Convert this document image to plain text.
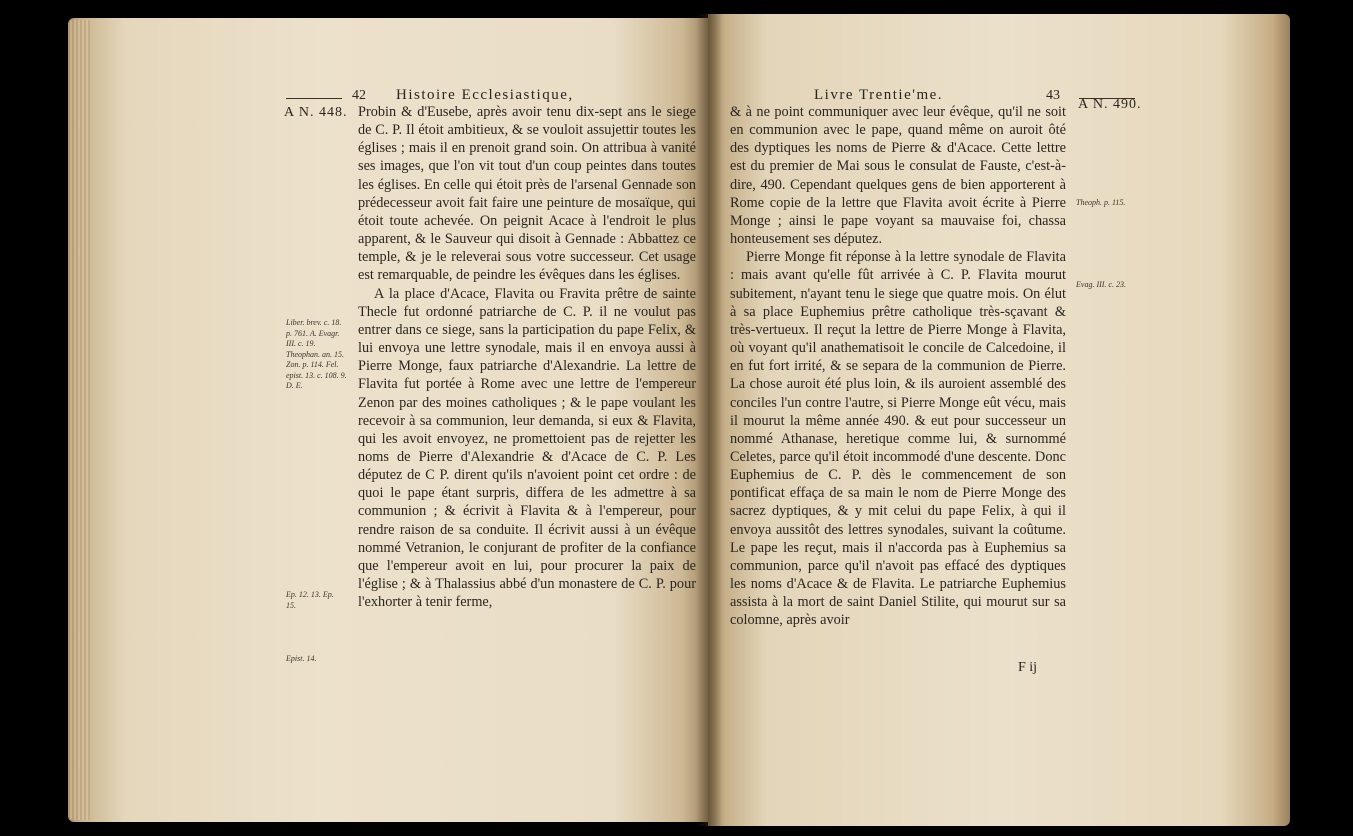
42 Histoire Ecclesiastique,
A N. 448. Probin & d'Eusebe, après avoir tenu dix-sept ans le siege de C. P. Il étoit ambitieux, & se vouloit assujettir toutes les églises ; mais il en prenoit grand soin. On attribua à vanité ses images, que l'on vit tout d'un coup peintes dans toutes les églises. En celle qui étoit près de l'arsenal Gennade son prédecesseur avoit fait faire une peinture de mosaïque, qui étoit toute achevée. On peignit Acace à l'endroit le plus apparent, & le Sauveur qui disoit à Gennade : Abbattez ce temple, & je le releverai sous votre successeur. Cet usage est remarquable, de peindre les évêques dans les églises.

A la place d'Acace, Flavita ou Fravita prêtre de sainte Thecle fut ordonné patriarche de C. P. il ne voulut pas entrer dans ce siege, sans la participation du pape Felix, & lui envoya une lettre synodale, mais il en envoya aussi à Pierre Monge, faux patriarche d'Alexandrie. La lettre de Flavita fut portée à Rome avec une lettre de l'empereur Zenon par des moines catholiques ; & le pape voulant les recevoir à sa communion, leur demanda, si eux & Flavita, qui les avoit envoyez, ne promettoient pas de rejetter les noms de Pierre d'Alexandrie & d'Acace de C. P. Les députez de C P. dirent qu'ils n'avoient point cet ordre : de quoi le pape étant surpris, differa de les admettre à sa communion ; & écrivit à Flavita & à l'empereur, pour rendre raison de sa conduite. Il écrivit aussi à un évêque nommé Vetranion, le conjurant de profiter de la confiance que l'empereur avoit en lui, pour procurer la paix de l'église ; & à Thalassius abbé d'un monastere de C. P. pour l'exhorter à tenir ferme,

Liber. brev. c. 18. p. 761. A. Evagr. III. c. 19. Theophan. an. 15. Zon. p. 114. Fel. epist. 13. c. 108. 9. D. E.
Ep. 12. 13. Ep. 15.
Epist. 14.
Livre Trentie'me.	43
A N. 490.

& à ne point communiquer avec leur évêque, qu'il ne soit en communion avec le pape, quand même on auroit ôté des dyptiques les noms de Pierre & d'Acace. Cette lettre est du premier de Mai sous le consulat de Fauste, c'est-à-dire, 490. Cependant quelques gens de bien apporterent à Rome copie de la lettre que Flavita avoit écrite à Pierre Monge ; ainsi le pape voyant sa mauvaise foi, chassa honteusement ses députez.

Pierre Monge fit réponse à la lettre synodale de Flavita : mais avant qu'elle fût arrivée à C. P. Flavita mourut subitement, n'ayant tenu le siege que quatre mois. On élut à sa place Euphemius prêtre catholique très-sçavant & très-vertueux. Il reçut la lettre de Pierre Monge à Flavita, où voyant qu'il anathematisoit le concile de Calcedoine, il en fut fort irrité, & se separa de la communion de Pierre. La chose auroit été plus loin, & ils auroient assemblé des conciles l'un contre l'autre, si Pierre Monge eût vécu, mais il mourut la même année 490. & eut pour successeur un nommé Athanase, heretique comme lui, & surnommé Celetes, parce qu'il étoit incommodé d'une descente. Donc Euphemius de C. P. dès le commencement de son pontificat effaça de sa main le nom de Pierre Monge des sacrez dyptiques, & y mit celui du pape Felix, à qui il envoya aussitôt des lettres synodales, suivant la coûtume. Le pape les reçut, mais il n'accorda pas à Euphemius sa communion, parce qu'il n'avoit pas effacé des dyptiques les noms d'Acace & de Flavita. Le patriarche Euphemius assista à la mort de saint Daniel Stilite, qui mourut sur sa colomne, après avoir

Theoph. p. 115.
Evag. III. c. 23.
F ij
